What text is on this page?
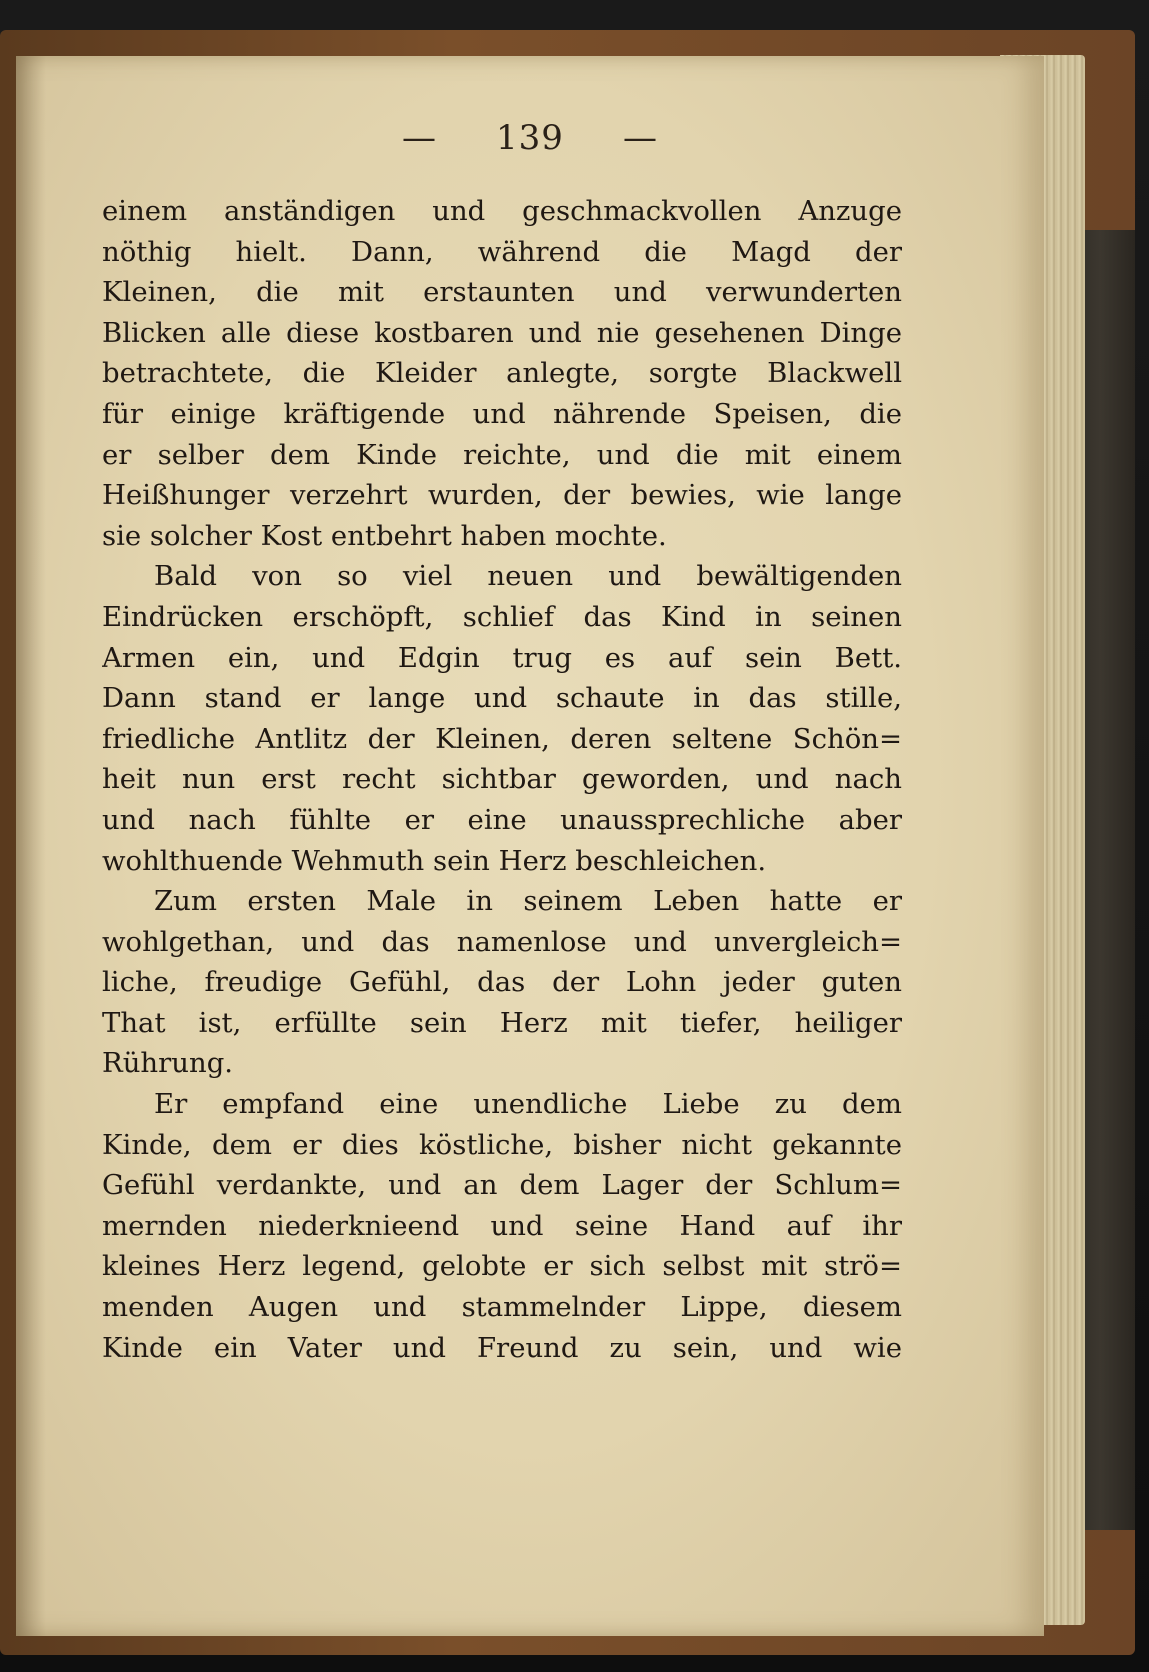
— 139 —
einem anständigen und geschmackvollen Anzuge
nöthig hielt. Dann, während die Magd der
Kleinen, die mit erstaunten und verwunderten
Blicken alle diese kostbaren und nie gesehenen Dinge
betrachtete, die Kleider anlegte, sorgte Blackwell
für einige kräftigende und nährende Speisen, die
er selber dem Kinde reichte, und die mit einem
Heißhunger verzehrt wurden, der bewies, wie lange
sie solcher Kost entbehrt haben mochte.
Bald von so viel neuen und bewältigenden
Eindrücken erschöpft, schlief das Kind in seinen
Armen ein, und Edgin trug es auf sein Bett.
Dann stand er lange und schaute in das stille,
friedliche Antlitz der Kleinen, deren seltene Schön=
heit nun erst recht sichtbar geworden, und nach
und nach fühlte er eine unaussprechliche aber
wohlthuende Wehmuth sein Herz beschleichen.
Zum ersten Male in seinem Leben hatte er
wohlgethan, und das namenlose und unvergleich=
liche, freudige Gefühl, das der Lohn jeder guten
That ist, erfüllte sein Herz mit tiefer, heiliger
Rührung.
Er empfand eine unendliche Liebe zu dem
Kinde, dem er dies köstliche, bisher nicht gekannte
Gefühl verdankte, und an dem Lager der Schlum=
mernden niederknieend und seine Hand auf ihr
kleines Herz legend, gelobte er sich selbst mit strö=
menden Augen und stammelnder Lippe, diesem
Kinde ein Vater und Freund zu sein, und wie
